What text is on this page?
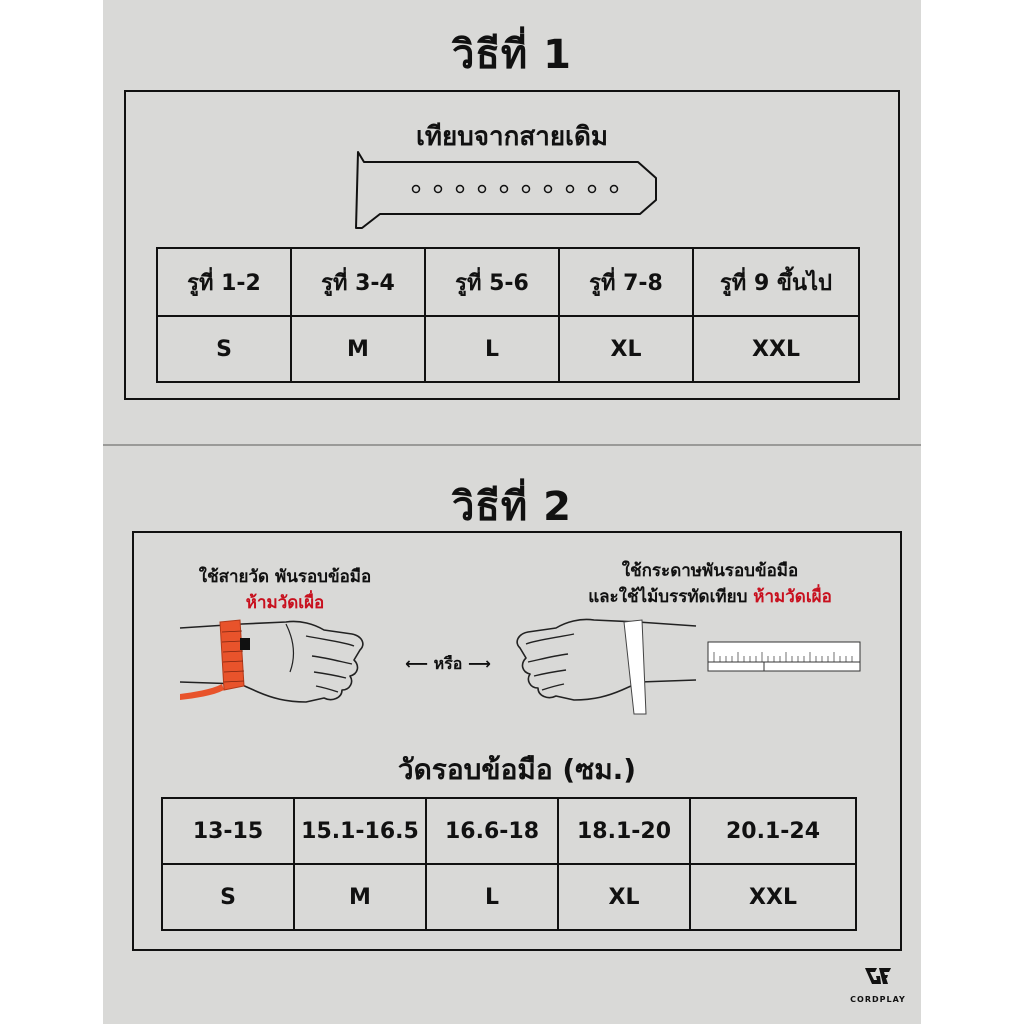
วิธีที่ 1
เทียบจากสายเดิม
รูที่ 1-2	รูที่ 3-4	รูที่ 5-6	รูที่ 7-8	รูที่ 9 ขึ้นไป
S	M	L	XL	XXL
วิธีที่ 2
ใช้สายวัด พันรอบข้อมือ
ห้ามวัดเผื่อ
ใช้กระดาษพันรอบข้อมือ
และใช้ไม้บรรทัดเทียบ ห้ามวัดเผื่อ
⟵ หรือ ⟶
วัดรอบข้อมือ (ซม.)
13-15	15.1-16.5	16.6-18	18.1-20	20.1-24
S	M	L	XL	XXL
CORDPLAY
